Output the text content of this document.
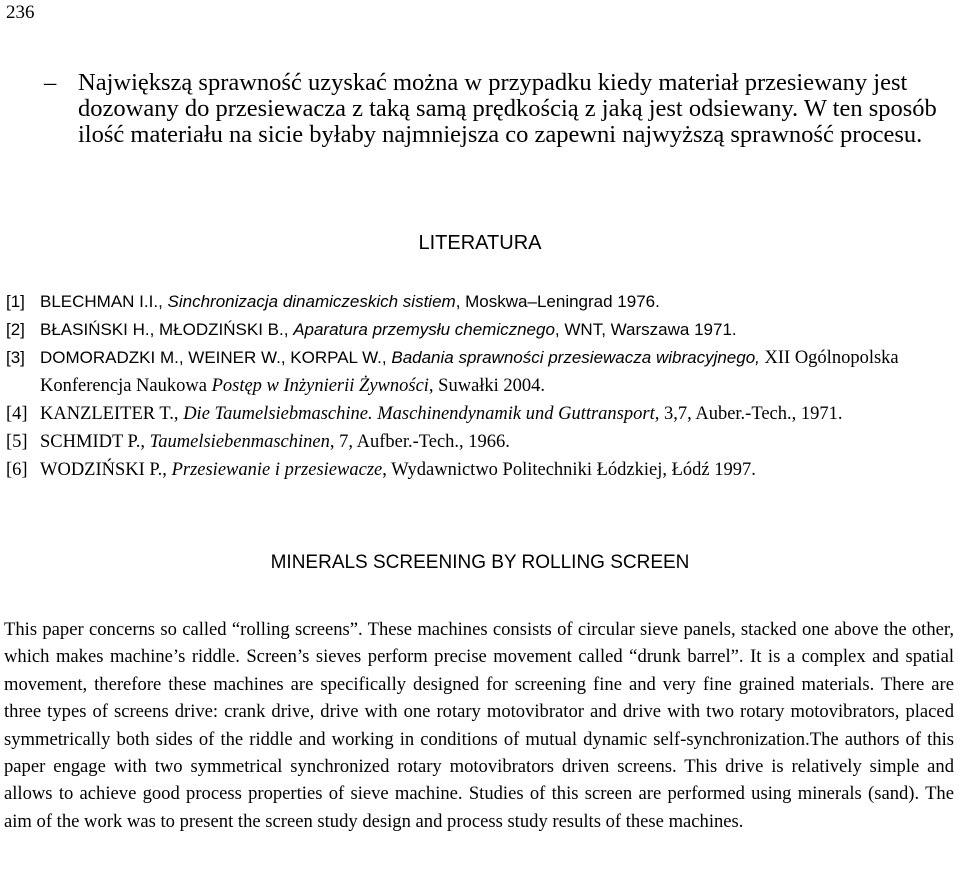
236
– Największą sprawność uzyskać można w przypadku kiedy materiał przesiewany jest dozowany do przesiewacza z taką samą prędkością z jaką jest odsiewany. W ten sposób ilość materiału na sicie byłaby najmniejsza co zapewni najwyższą sprawność procesu.
LITERATURA
[1] BLECHMAN I.I., Sinchronizacja dinamiczeskich sistiem, Moskwa–Leningrad 1976.
[2] BŁASIŃSKI H., MŁODZIŃSKI B., Aparatura przemysłu chemicznego, WNT, Warszawa 1971.
[3] DOMORADZKI M., WEINER W., KORPAL W., Badania sprawności przesiewacza wibracyjnego, XII Ogólnopolska Konferencja Naukowa Postęp w Inżynierii Żywności, Suwałki 2004.
[4] KANZLEITER T., Die Taumelsiebmaschine. Maschinendynamik und Guttransport, 3,7, Auber.-Tech., 1971.
[5] SCHMIDT P., Taumelsiebenmaschinen, 7, Aufber.-Tech., 1966.
[6] WODZIŃSKI P., Przesiewanie i przesiewacze, Wydawnictwo Politechniki Łódzkiej, Łódź 1997.
MINERALS SCREENING BY ROLLING SCREEN
This paper concerns so called “rolling screens”. These machines consists of circular sieve panels, stacked one above the other, which makes machine’s riddle. Screen’s sieves perform precise movement called “drunk barrel”. It is a complex and spatial movement, therefore these machines are specifically designed for screening fine and very fine grained materials. There are three types of screens drive: crank drive, drive with one rotary motovibrator and drive with two rotary motovibrators, placed symmetrically both sides of the riddle and working in conditions of mutual dynamic self-synchronization.The authors of this paper engage with two symmetrical synchronized rotary motovibrators driven screens. This drive is relatively simple and allows to achieve good process properties of sieve machine. Studies of this screen are performed using minerals (sand). The aim of the work was to present the screen study design and process study results of these machines.
